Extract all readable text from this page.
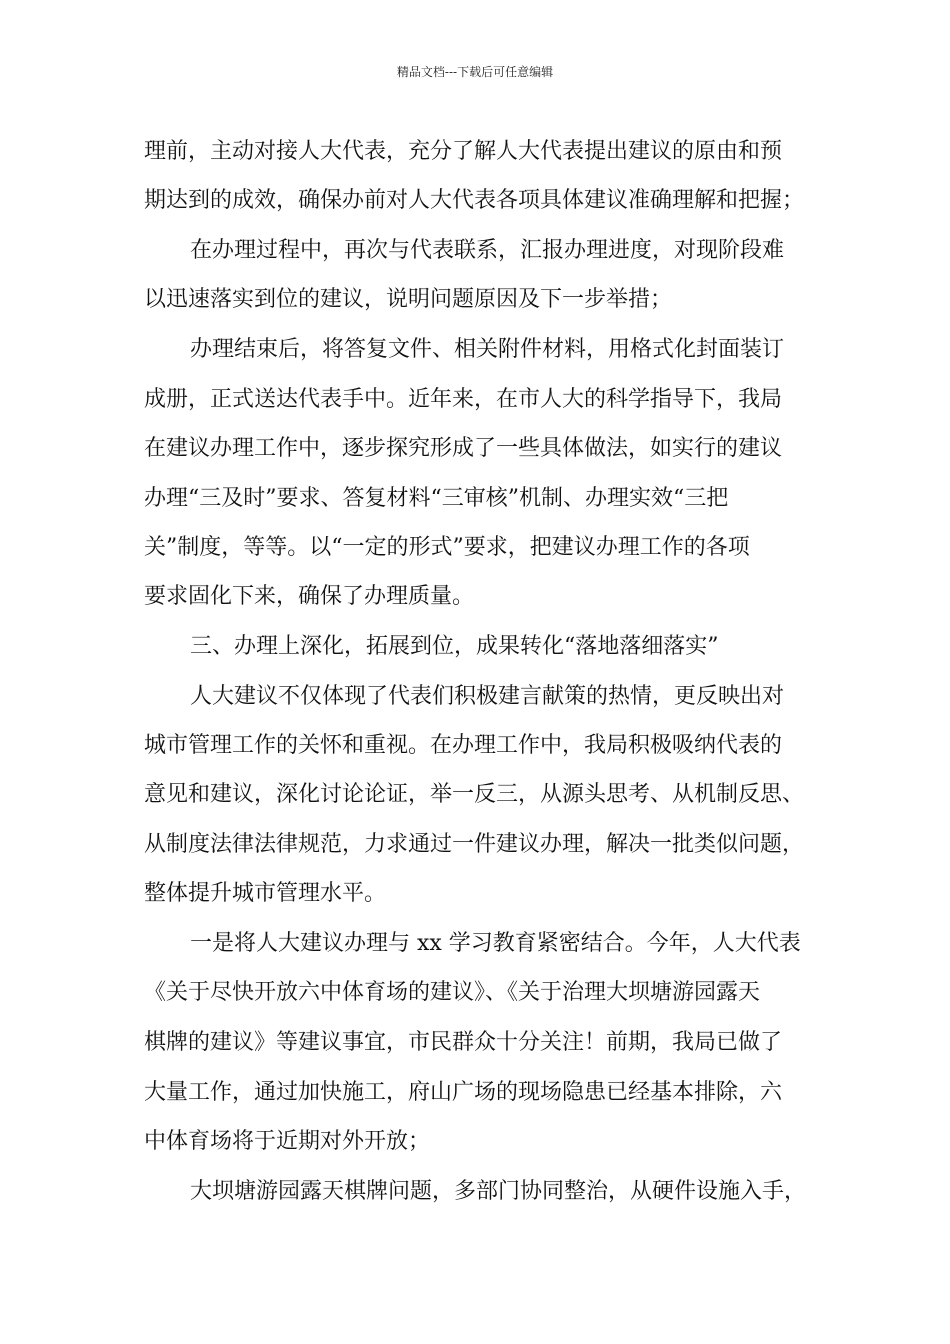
精品文档---下载后可任意编辑
理前，主动对接人大代表，充分了解人大代表提出建议的原由和预
期达到的成效，确保办前对人大代表各项具体建议准确理解和把握；
在办理过程中，再次与代表联系，汇报办理进度，对现阶段难
以迅速落实到位的建议，说明问题原因及下一步举措；
办理结束后，将答复文件、相关附件材料，用格式化封面装订
成册，正式送达代表手中。近年来，在市人大的科学指导下，我局
在建议办理工作中，逐步探究形成了一些具体做法，如实行的建议
办理“三及时”要求、答复材料“三审核”机制、办理实效“三把
关”制度，等等。以“一定的形式”要求，把建议办理工作的各项
要求固化下来，确保了办理质量。
三、办理上深化，拓展到位，成果转化“落地落细落实”
人大建议不仅体现了代表们积极建言献策的热情，更反映出对
城市管理工作的关怀和重视。在办理工作中，我局积极吸纳代表的
意见和建议，深化讨论论证，举一反三，从源头思考、从机制反思、
从制度法律法律规范，力求通过一件建议办理，解决一批类似问题，
整体提升城市管理水平。
一是将人大建议办理与 xx 学习教育紧密结合。今年，人大代表
《关于尽快开放六中体育场的建议》、《关于治理大坝塘游园露天
棋牌的建议》等建议事宜，市民群众十分关注！前期，我局已做了
大量工作，通过加快施工，府山广场的现场隐患已经基本排除，六
中体育场将于近期对外开放；
大坝塘游园露天棋牌问题，多部门协同整治，从硬件设施入手，
